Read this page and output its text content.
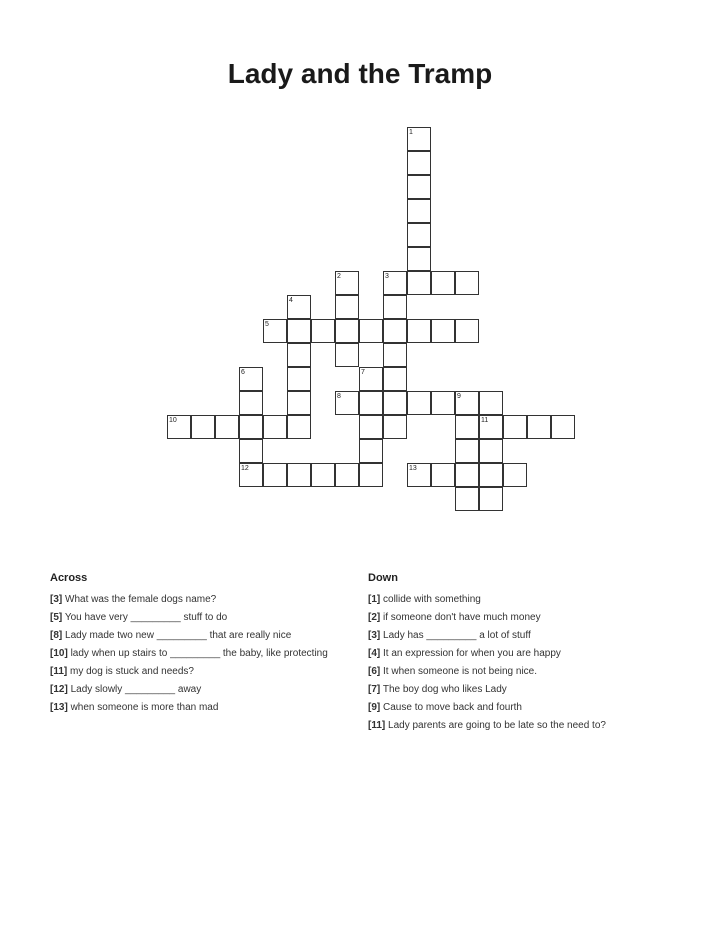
Lady and the Tramp
1
2	3
4
5
6	7
8	9
10	11
12	13
Across
[3] What was the female dogs name?
[5] You have very _________ stuff to do
[8] Lady made two new _________ that are really nice
[10] lady when up stairs to _________ the baby, like protecting
[11] my dog is stuck and needs?
[12] Lady slowly _________ away
[13] when someone is more than mad
Down
[1] collide with something
[2] if someone don't have much money
[3] Lady has _________ a lot of stuff
[4] It an expression for when you are happy
[6] It when someone is not being nice.
[7] The boy dog who likes Lady
[9] Cause to move back and fourth
[11] Lady parents are going to be late so the need to?
